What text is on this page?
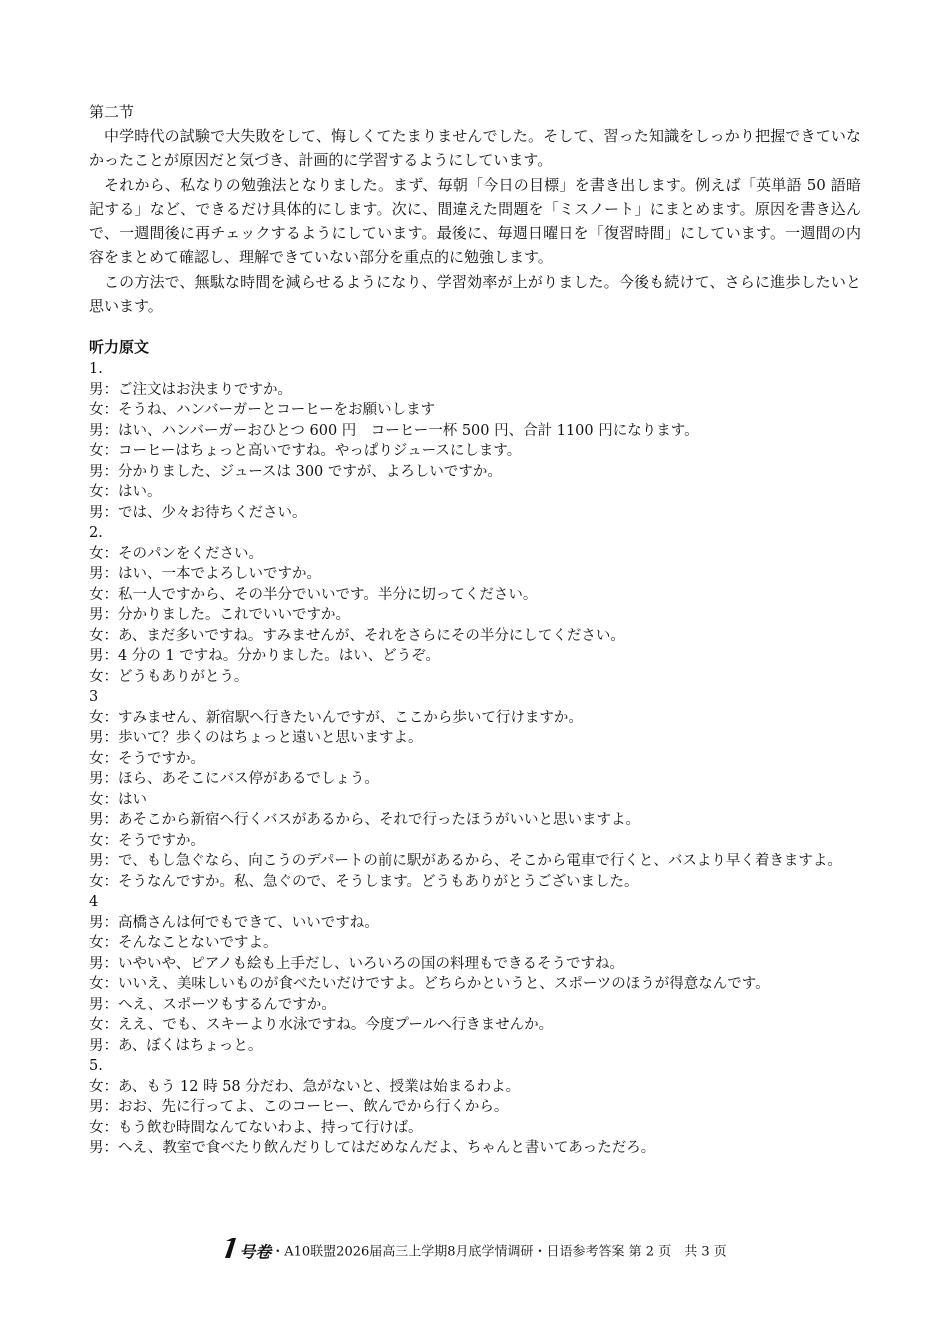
第二节

中学時代の試験で大失敗をして、悔しくてたまりませんでした。そして、習った知識をしっかり把握できていなかったことが原因だと気づき、計画的に学習するようにしています。

それから、私なりの勉強法となりました。まず、毎朝「今日の目標」を書き出します。例えば「英単語 50 語暗記する」など、できるだけ具体的にします。次に、間違えた問題を「ミスノート」にまとめます。原因を書き込んで、一週間後に再チェックするようにしています。最後に、毎週日曜日を「復習時間」にしています。一週間の内容をまとめて確認し、理解できていない部分を重点的に勉強します。

この方法で、無駄な時間を減らせるようになり、学習効率が上がりました。今後も続けて、さらに進歩したいと思います。

听力原文
1.
男： ご注文はお決まりですか。
女： そうね、ハンバーガーとコーヒーをお願いします
男： はい、ハンバーガーおひとつ 600 円　コーヒー一杯 500 円、合計 1100 円になります。
女： コーヒーはちょっと高いですね。やっぱりジュースにします。
男： 分かりました、ジュースは 300 ですが、よろしいですか。
女： はい。
男： では、少々お待ちください。
2.
女： そのパンをください。
男： はい、一本でよろしいですか。
女： 私一人ですから、その半分でいいです。半分に切ってください。
男： 分かりました。これでいいですか。
女： あ、まだ多いですね。すみませんが、それをさらにその半分にしてください。
男： 4 分の 1 ですね。分かりました。はい、どうぞ。
女： どうもありがとう。
3
女： すみません、新宿駅へ行きたいんですが、ここから歩いて行けますか。
男： 歩いて？歩くのはちょっと遠いと思いますよ。
女： そうですか。
男： ほら、あそこにバス停があるでしょう。
女： はい
男： あそこから新宿へ行くバスがあるから、それで行ったほうがいいと思いますよ。
女： そうですか。
男： で、もし急ぐなら、向こうのデパートの前に駅があるから、そこから電車で行くと、バスより早く着きますよ。
女： そうなんですか。私、急ぐので、そうします。どうもありがとうございました。
4
男： 高橋さんは何でもできて、いいですね。
女： そんなことないですよ。
男： いやいや、ピアノも絵も上手だし、いろいろの国の料理もできるそうですね。
女： いいえ、美味しいものが食べたいだけですよ。どちらかというと、スポーツのほうが得意なんです。
男： へえ、スポーツもするんですか。
女： ええ、でも、スキーより水泳ですね。今度プールへ行きませんか。
男： あ、ぼくはちょっと。
5.
女： あ、もう 12 時 58 分だわ、急がないと、授業は始まるわよ。
男： おお、先に行ってよ、このコーヒー、飲んでから行くから。
女： もう飲む時間なんてないわよ、持って行けば。
男： へえ、教室で食べたり飲んだりしてはだめなんだよ、ちゃんと書いてあっただろ。
号卷・A10联盟2026届高三上学期8月底学情调研・日语参考答案 第 2 页　共 3 页
